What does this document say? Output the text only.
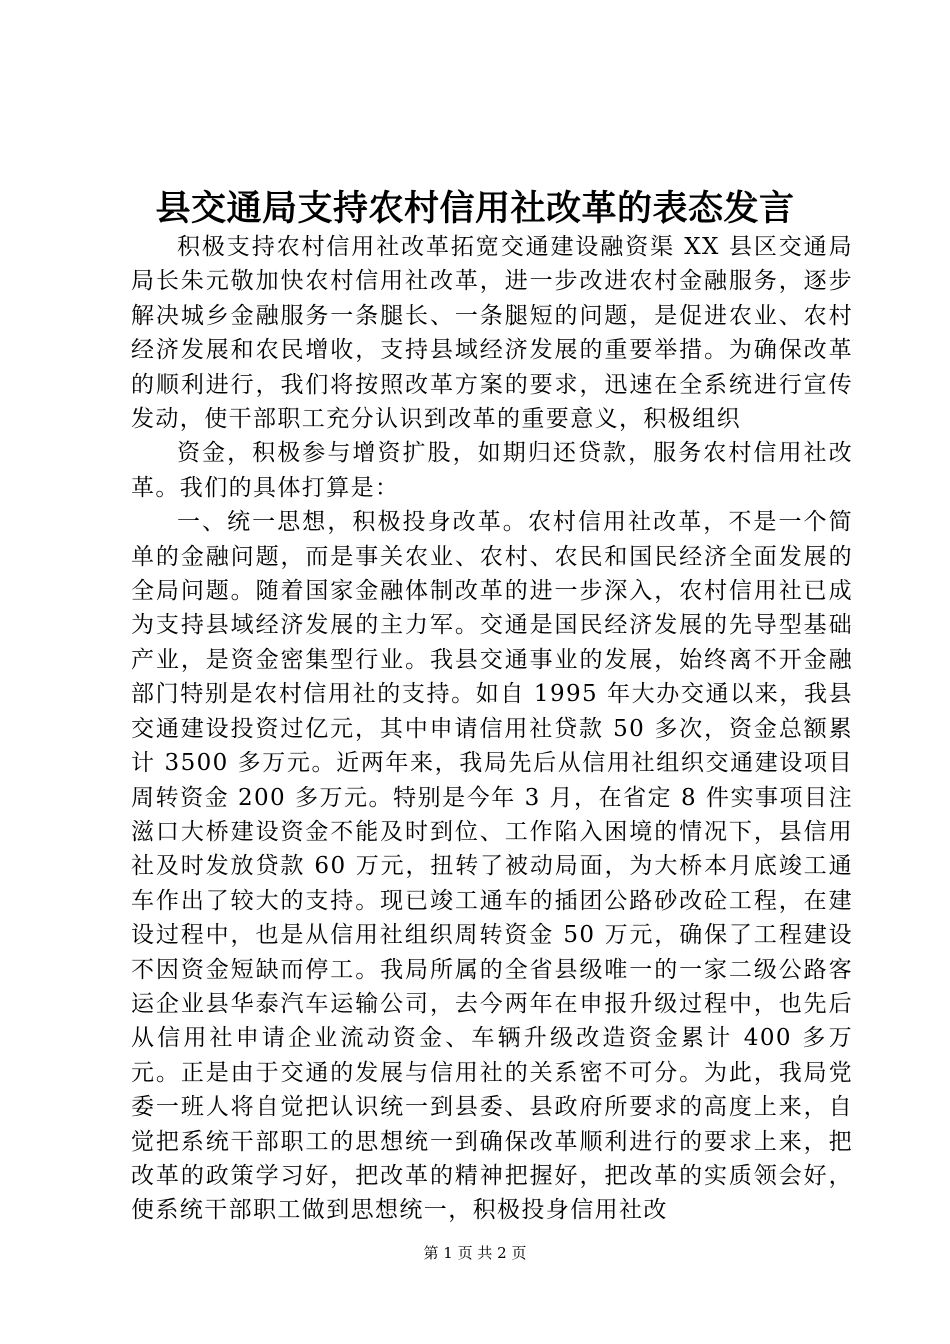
县交通局支持农村信用社改革的表态发言

积极支持农村信用社改革拓宽交通建设融资渠 XX 县区交通局局长朱元敬加快农村信用社改革，进一步改进农村金融服务，逐步解决城乡金融服务一条腿长、一条腿短的问题，是促进农业、农村经济发展和农民增收，支持县域经济发展的重要举措。为确保改革的顺利进行，我们将按照改革方案的要求，迅速在全系统进行宣传发动，使干部职工充分认识到改革的重要意义，积极组织

资金，积极参与增资扩股，如期归还贷款，服务农村信用社改革。我们的具体打算是：

一、统一思想，积极投身改革。农村信用社改革，不是一个简单的金融问题，而是事关农业、农村、农民和国民经济全面发展的全局问题。随着国家金融体制改革的进一步深入，农村信用社已成为支持县域经济发展的主力军。交通是国民经济发展的先导型基础产业，是资金密集型行业。我县交通事业的发展，始终离不开金融部门特别是农村信用社的支持。如自 1995 年大办交通以来，我县交通建设投资过亿元，其中申请信用社贷款 50 多次，资金总额累计 3500 多万元。近两年来，我局先后从信用社组织交通建设项目周转资金 200 多万元。特别是今年 3 月，在省定 8 件实事项目注滋口大桥建设资金不能及时到位、工作陷入困境的情况下，县信用社及时发放贷款 60 万元，扭转了被动局面，为大桥本月底竣工通车作出了较大的支持。现已竣工通车的插团公路砂改砼工程，在建设过程中，也是从信用社组织周转资金 50 万元，确保了工程建设不因资金短缺而停工。我局所属的全省县级唯一的一家二级公路客运企业县华泰汽车运输公司，去今两年在申报升级过程中，也先后从信用社申请企业流动资金、车辆升级改造资金累计 400 多万元。正是由于交通的发展与信用社的关系密不可分。为此，我局党委一班人将自觉把认识统一到县委、县政府所要求的高度上来，自觉把系统干部职工的思想统一到确保改革顺利进行的要求上来，把改革的政策学习好，把改革的精神把握好，把改革的实质领会好，使系统干部职工做到思想统一，积极投身信用社改

第 1 页 共 2 页
